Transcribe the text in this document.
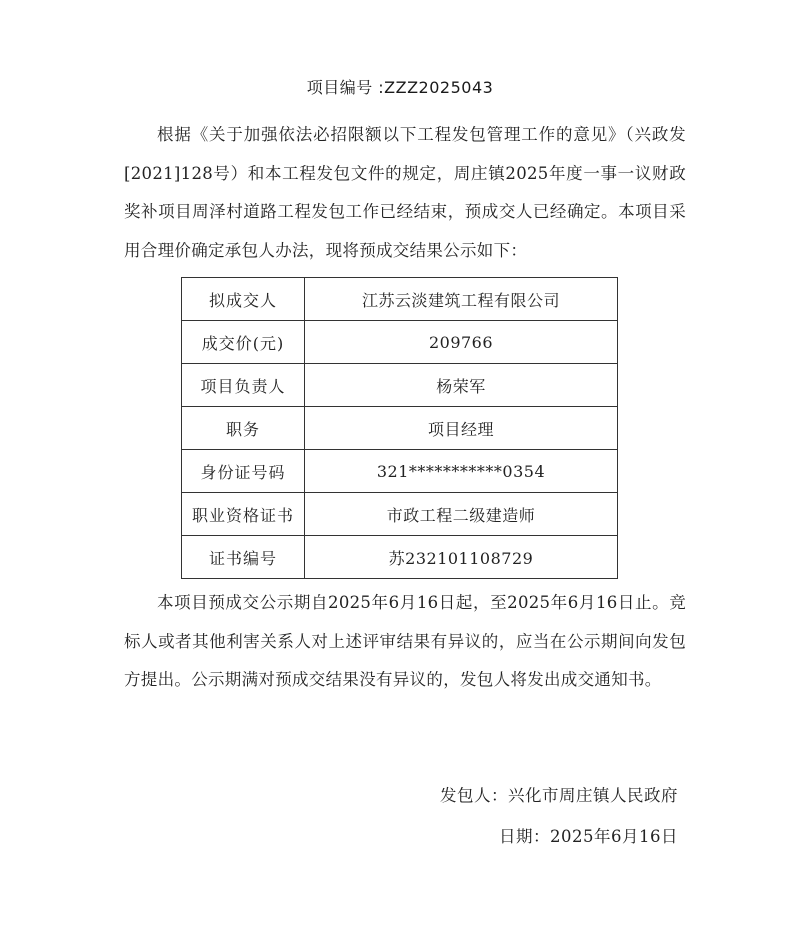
项目编号 :ZZZ2025043
根据《关于加强依法必招限额以下工程发包管理工作的意见》（兴政发[2021]128号）和本工程发包文件的规定，周庄镇2025年度一事一议财政奖补项目周泽村道路工程发包工作已经结束，预成交人已经确定。本项目采用合理价确定承包人办法，现将预成交结果公示如下：
拟成交人	江苏云淡建筑工程有限公司
成交价(元)	209766
项目负责人	杨荣军
职务	项目经理
身份证号码	321***********0354
职业资格证书	市政工程二级建造师
证书编号	苏232101108729
本项目预成交公示期自2025年6月16日起，至2025年6月16日止。竞标人或者其他利害关系人对上述评审结果有异议的，应当在公示期间向发包方提出。公示期满对预成交结果没有异议的，发包人将发出成交通知书。
发包人：兴化市周庄镇人民政府
日期：2025年6月16日
